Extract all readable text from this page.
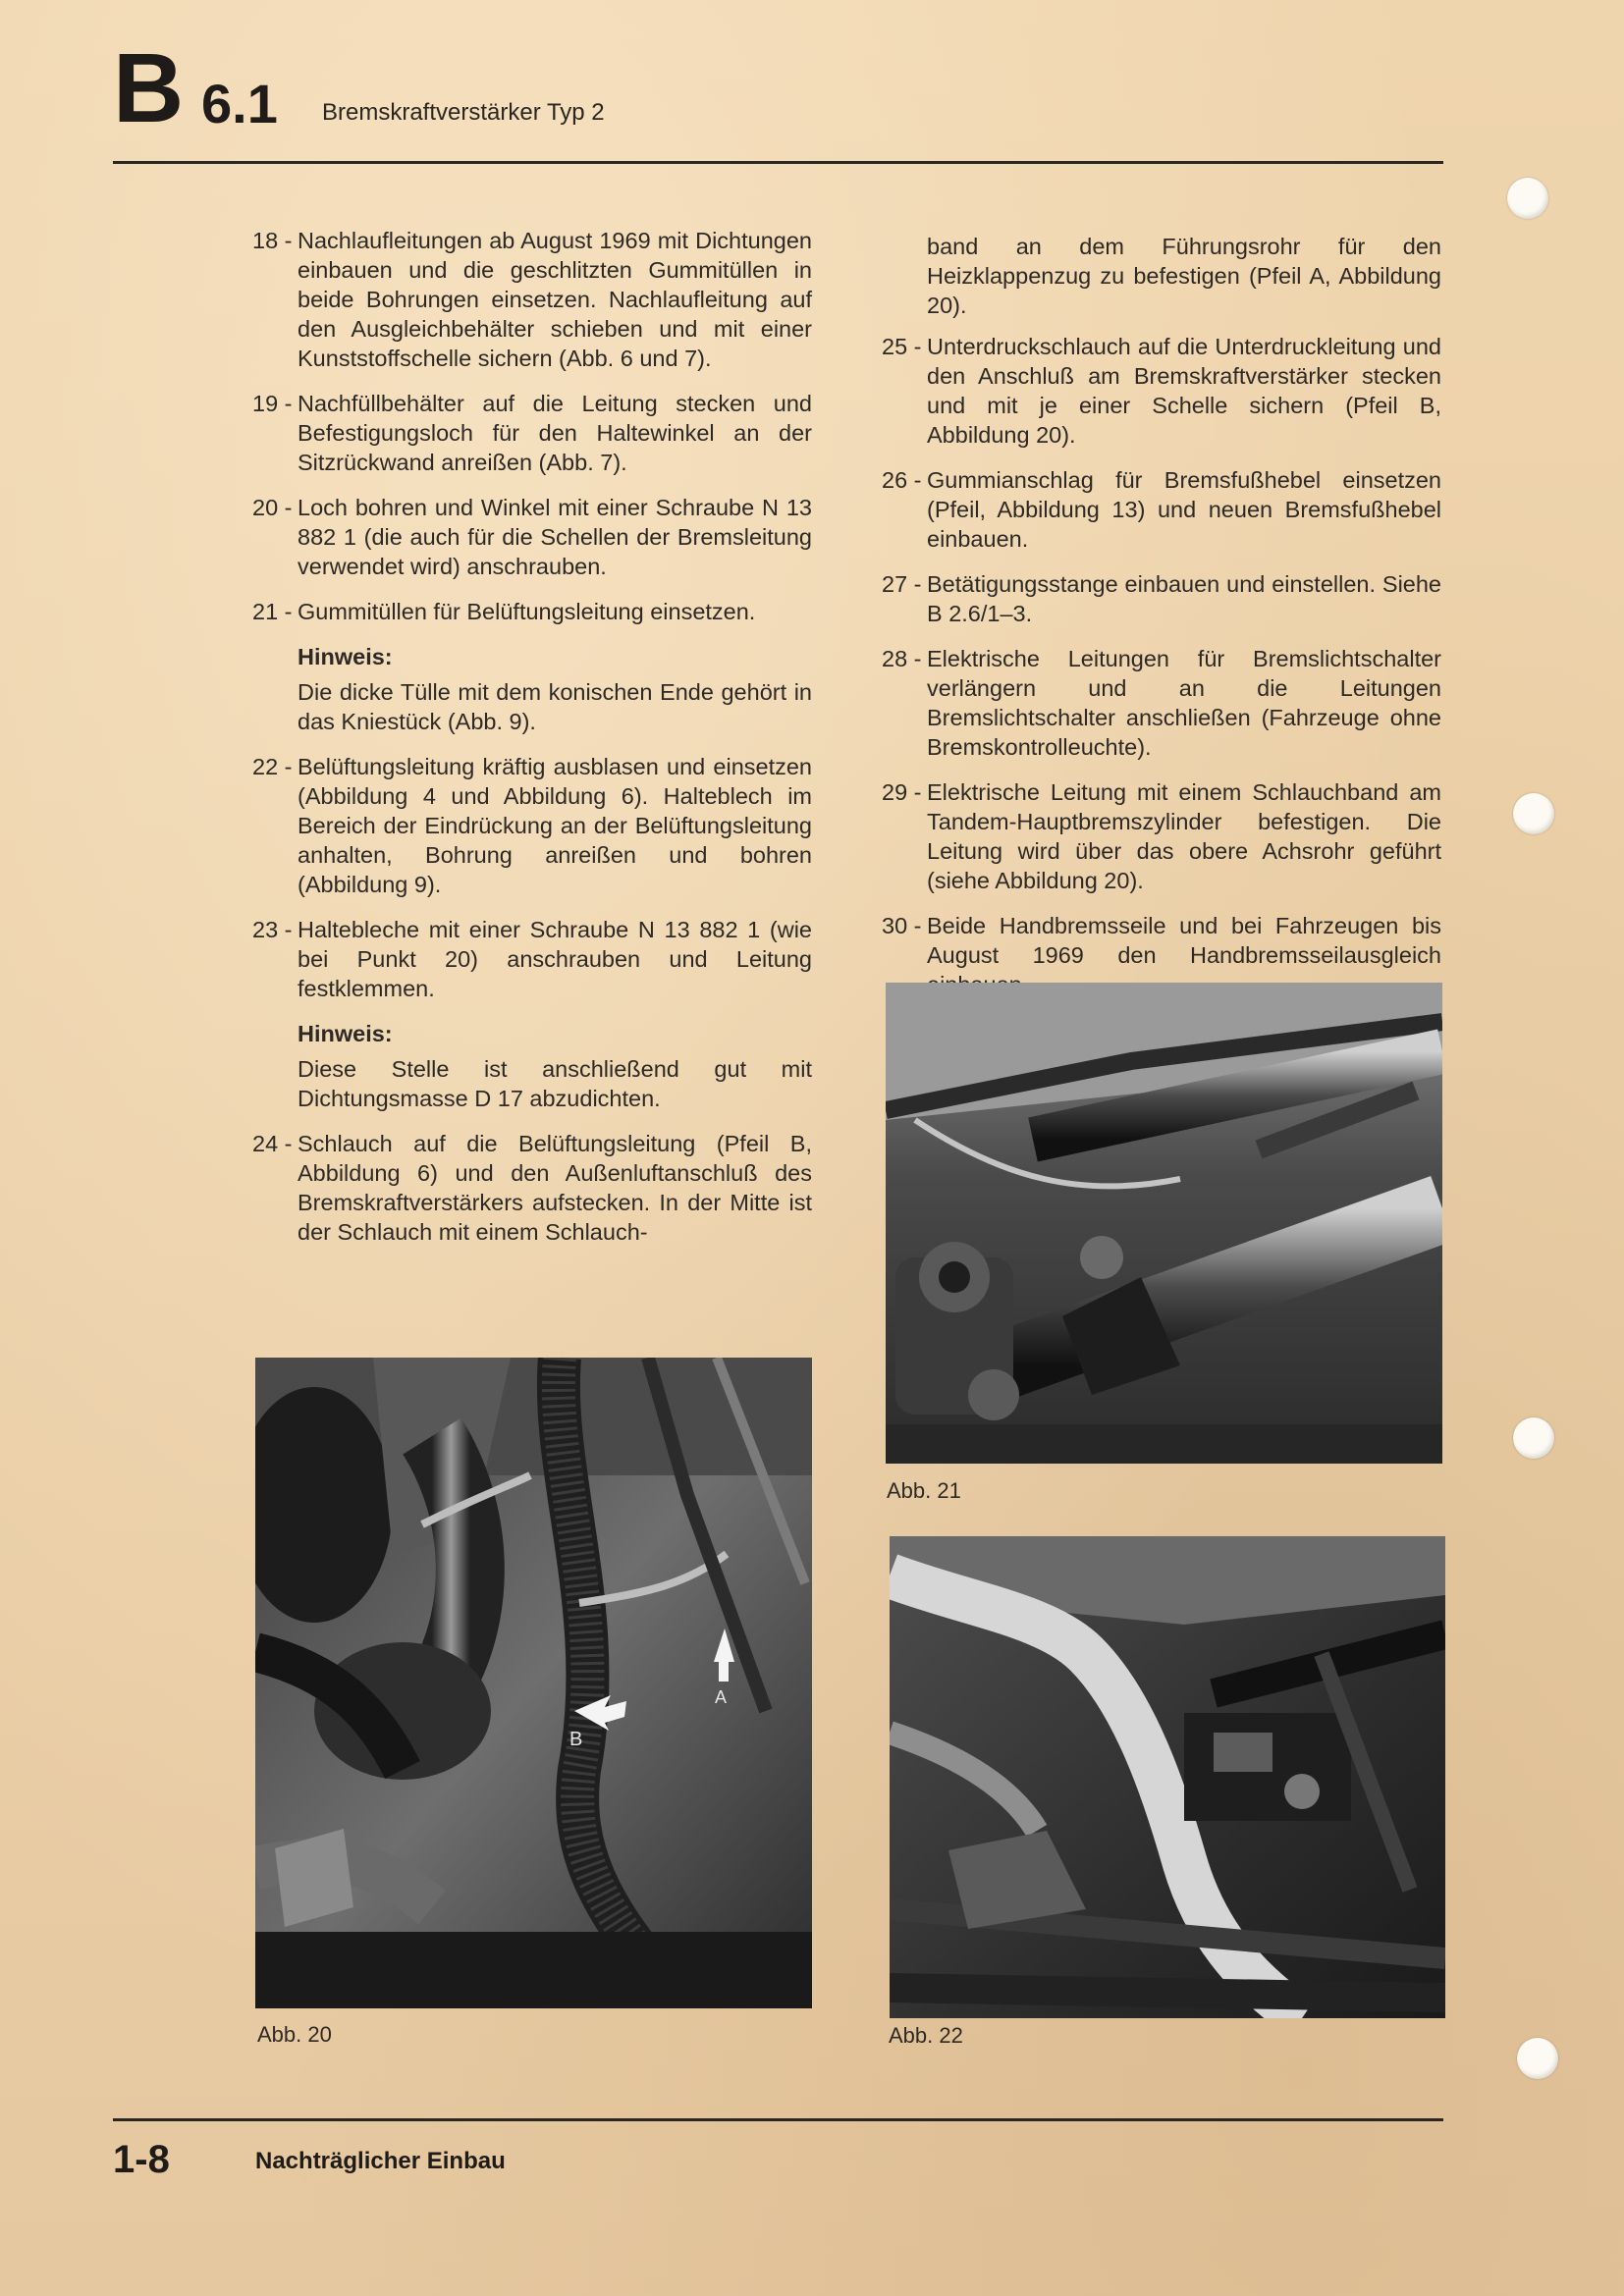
B 6.1 Bremskraftverstärker Typ 2
18 - Nachlaufleitungen ab August 1969 mit Dichtungen einbauen und die geschlitzten Gummitüllen in beide Bohrungen einsetzen. Nachlaufleitung auf den Ausgleichbehälter schieben und mit einer Kunststoffschelle sichern (Abb. 6 und 7).
19 - Nachfüllbehälter auf die Leitung stecken und Befestigungsloch für den Haltewinkel an der Sitzrückwand anreißen (Abb. 7).
20 - Loch bohren und Winkel mit einer Schraube N 13 882 1 (die auch für die Schellen der Bremsleitung verwendet wird) anschrauben.
21 - Gummitüllen für Belüftungsleitung einsetzen.
Hinweis:
Die dicke Tülle mit dem konischen Ende gehört in das Kniestück (Abb. 9).
22 - Belüftungsleitung kräftig ausblasen und einsetzen (Abbildung 4 und Abbildung 6). Halteblech im Bereich der Eindrückung an der Belüftungsleitung anhalten, Bohrung anreißen und bohren (Abbildung 9).
23 - Haltebleche mit einer Schraube N 13 882 1 (wie bei Punkt 20) anschrauben und Leitung festklemmen.
Hinweis:
Diese Stelle ist anschließend gut mit Dichtungsmasse D 17 abzudichten.
24 - Schlauch auf die Belüftungsleitung (Pfeil B, Abbildung 6) und den Außenluftanschluß des Bremskraftverstärkers aufstecken. In der Mitte ist der Schlauch mit einem Schlauch-
band an dem Führungsrohr für den Heizklappenzug zu befestigen (Pfeil A, Abbildung 20).
25 - Unterdruckschlauch auf die Unterdruckleitung und den Anschluß am Bremskraftverstärker stecken und mit je einer Schelle sichern (Pfeil B, Abbildung 20).
26 - Gummianschlag für Bremsfußhebel einsetzen (Pfeil, Abbildung 13) und neuen Bremsfußhebel einbauen.
27 - Betätigungsstange einbauen und einstellen. Siehe B 2.6/1–3.
28 - Elektrische Leitungen für Bremslichtschalter verlängern und an die Leitungen Bremslichtschalter anschließen (Fahrzeuge ohne Bremskontrolleuchte).
29 - Elektrische Leitung mit einem Schlauchband am Tandem-Hauptbremszylinder befestigen. Die Leitung wird über das obere Achsrohr geführt (siehe Abbildung 20).
30 - Beide Handbremsseile und bei Fahrzeugen bis August 1969 den Handbremsseilausgleich
B
A
Abb. 20
Abb. 21
Abb. 22
1-8	Nachträglicher Einbau
